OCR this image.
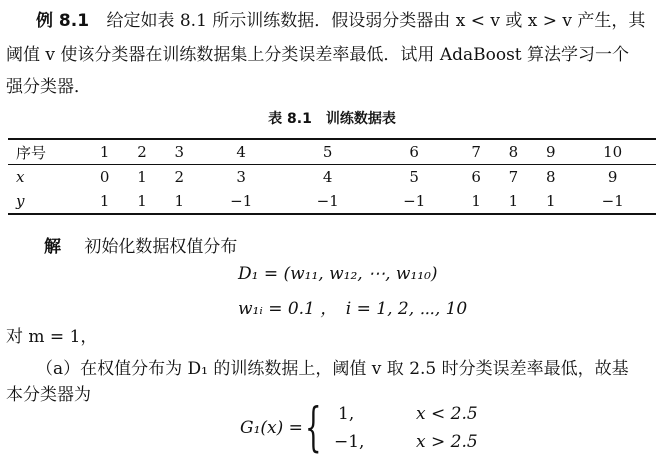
例 8.1 给定如表 8.1 所示训练数据．假设弱分类器由 x < v 或 x > v 产生，其
阈值 v 使该分类器在训练数据集上分类误差率最低．试用 AdaBoost 算法学习一个
强分类器．
表 8.1　训练数据表
序号	1	2	3	4	5	6	7	8	9	10
x	0	1	2	3	4	5	6	7	8	9
y	1	1	1	−1	−1	−1	1	1	1	−1
解 初始化数据权值分布
D₁ = (w₁₁, w₁₂, ⋯, w₁₁₀)
w₁ᵢ = 0.1 ，　i = 1, 2, ⋯, 10
对 m = 1，
（a）在权值分布为 D₁ 的训练数据上，阈值 v 取 2.5 时分类误差率最低，故基
本分类器为
G₁(x) = { 1,	x < 2.5
−1,	x > 2.5
